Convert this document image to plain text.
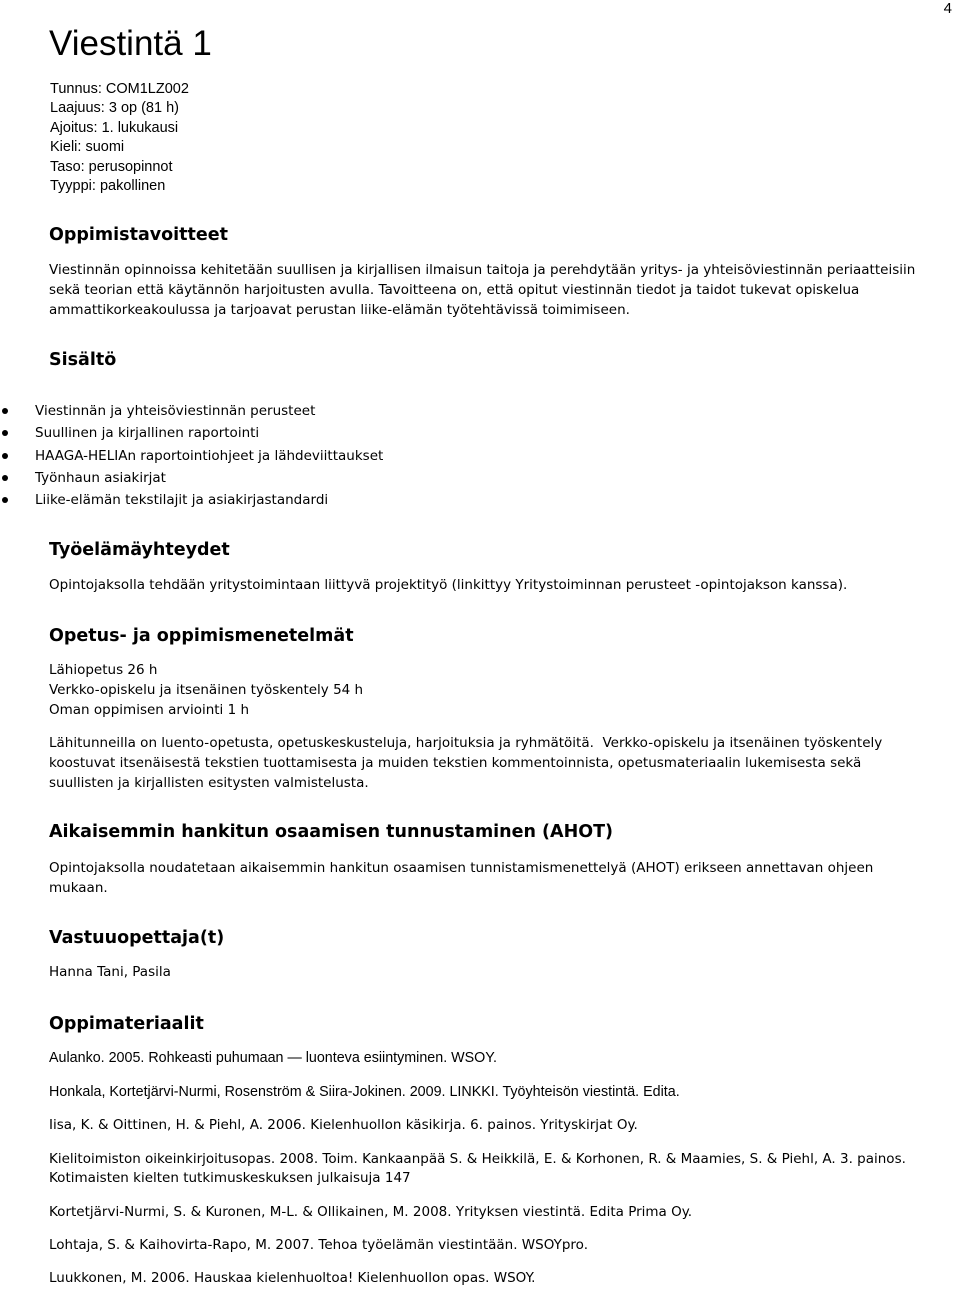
4
Viestintä 1
Tunnus: COM1LZ002
Laajuus: 3 op (81 h)
Ajoitus: 1. lukukausi
Kieli: suomi
Taso: perusopinnot
Tyyppi: pakollinen
Oppimistavoitteet
Viestinnän opinnoissa kehitetään suullisen ja kirjallisen ilmaisun taitoja ja perehdytään yritys- ja yhteisöviestinnän periaatteisiin
sekä teorian että käytännön harjoitusten avulla. Tavoitteena on, että opitut viestinnän tiedot ja taidot tukevat opiskelua
ammattikorkeakoulussa ja tarjoavat perustan liike-elämän työtehtävissä toimimiseen.
Sisältö
Viestinnän ja yhteisöviestinnän perusteet
Suullinen ja kirjallinen raportointi
HAAGA-HELIAn raportointiohjeet ja lähdeviittaukset
Työnhaun asiakirjat
Liike-elämän tekstilajit ja asiakirjastandardi
Työelämäyhteydet
Opintojaksolla tehdään yritystoimintaan liittyvä projektityö (linkittyy Yritystoiminnan perusteet -opintojakson kanssa).
Opetus- ja oppimismenetelmät
Lähiopetus 26 h
Verkko-opiskelu ja itsenäinen työskentely 54 h
Oman oppimisen arviointi 1 h
Lähitunneilla on luento-opetusta, opetuskeskusteluja, harjoituksia ja ryhmätöitä.  Verkko-opiskelu ja itsenäinen työskentely
koostuvat itsenäisestä tekstien tuottamisesta ja muiden tekstien kommentoinnista, opetusmateriaalin lukemisesta sekä
suullisten ja kirjallisten esitysten valmistelusta.
Aikaisemmin hankitun osaamisen tunnustaminen (AHOT)
Opintojaksolla noudatetaan aikaisemmin hankitun osaamisen tunnistamismenettelyä (AHOT) erikseen annettavan ohjeen
mukaan.
Vastuuopettaja(t)
Hanna Tani, Pasila
Oppimateriaalit
Aulanko. 2005. Rohkeasti puhumaan — luonteva esiintyminen. WSOY.
Honkala, Kortetjärvi-Nurmi, Rosenström & Siira-Jokinen. 2009. LINKKI. Työyhteisön viestintä. Edita.
Iisa, K. & Oittinen, H. & Piehl, A. 2006. Kielenhuollon käsikirja. 6. painos. Yrityskirjat Oy.
Kielitoimiston oikeinkirjoitusopas. 2008. Toim. Kankaanpää S. & Heikkilä, E. & Korhonen, R. & Maamies, S. & Piehl, A. 3. painos.
Kotimaisten kielten tutkimuskeskuksen julkaisuja 147
Kortetjärvi-Nurmi, S. & Kuronen, M-L. & Ollikainen, M. 2008. Yrityksen viestintä. Edita Prima Oy.
Lohtaja, S. & Kaihovirta-Rapo, M. 2007. Tehoa työelämän viestintään. WSOYpro.
Luukkonen, M. 2006. Hauskaa kielenhuoltoa! Kielenhuollon opas. WSOY.
